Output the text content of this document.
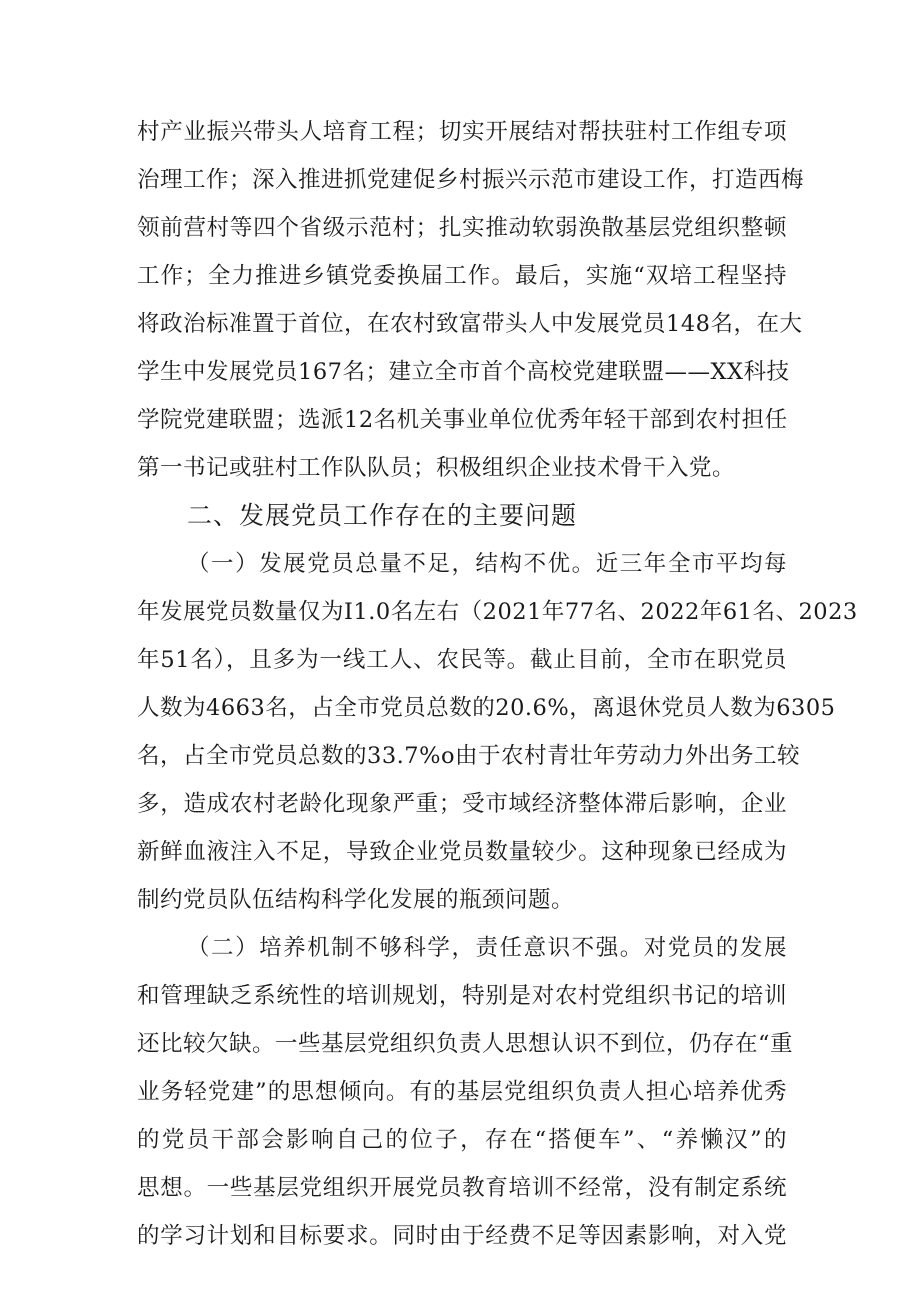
村产业振兴带头人培育工程；切实开展结对帮扶驻村工作组专项
治理工作；深入推进抓党建促乡村振兴示范市建设工作，打造西梅
领前营村等四个省级示范村；扎实推动软弱涣散基层党组织整顿
工作；全力推进乡镇党委换届工作。最后，实施“双培工程坚持
将政治标准置于首位，在农村致富带头人中发展党员148名，在大
学生中发展党员167名；建立全市首个高校党建联盟——XX科技
学院党建联盟；选派12名机关事业单位优秀年轻干部到农村担任
第一书记或驻村工作队队员；积极组织企业技术骨干入党。
二、发展党员工作存在的主要问题
（一）发展党员总量不足，结构不优。近三年全市平均每
年发展党员数量仅为I1.0名左右（2021年77名、2022年61名、2023
年51名），且多为一线工人、农民等。截止目前，全市在职党员
人数为4663名，占全市党员总数的20.6%，离退休党员人数为6305
名，占全市党员总数的33.7%o由于农村青壮年劳动力外出务工较
多，造成农村老龄化现象严重；受市域经济整体滞后影响，企业
新鲜血液注入不足，导致企业党员数量较少。这种现象已经成为
制约党员队伍结构科学化发展的瓶颈问题。
（二）培养机制不够科学，责任意识不强。对党员的发展
和管理缺乏系统性的培训规划，特别是对农村党组织书记的培训
还比较欠缺。一些基层党组织负责人思想认识不到位，仍存在“重
业务轻党建”的思想倾向。有的基层党组织负责人担心培养优秀
的党员干部会影响自己的位子，存在“搭便车”、“养懒汉”的
思想。一些基层党组织开展党员教育培训不经常，没有制定系统
的学习计划和目标要求。同时由于经费不足等因素影响，对入党
